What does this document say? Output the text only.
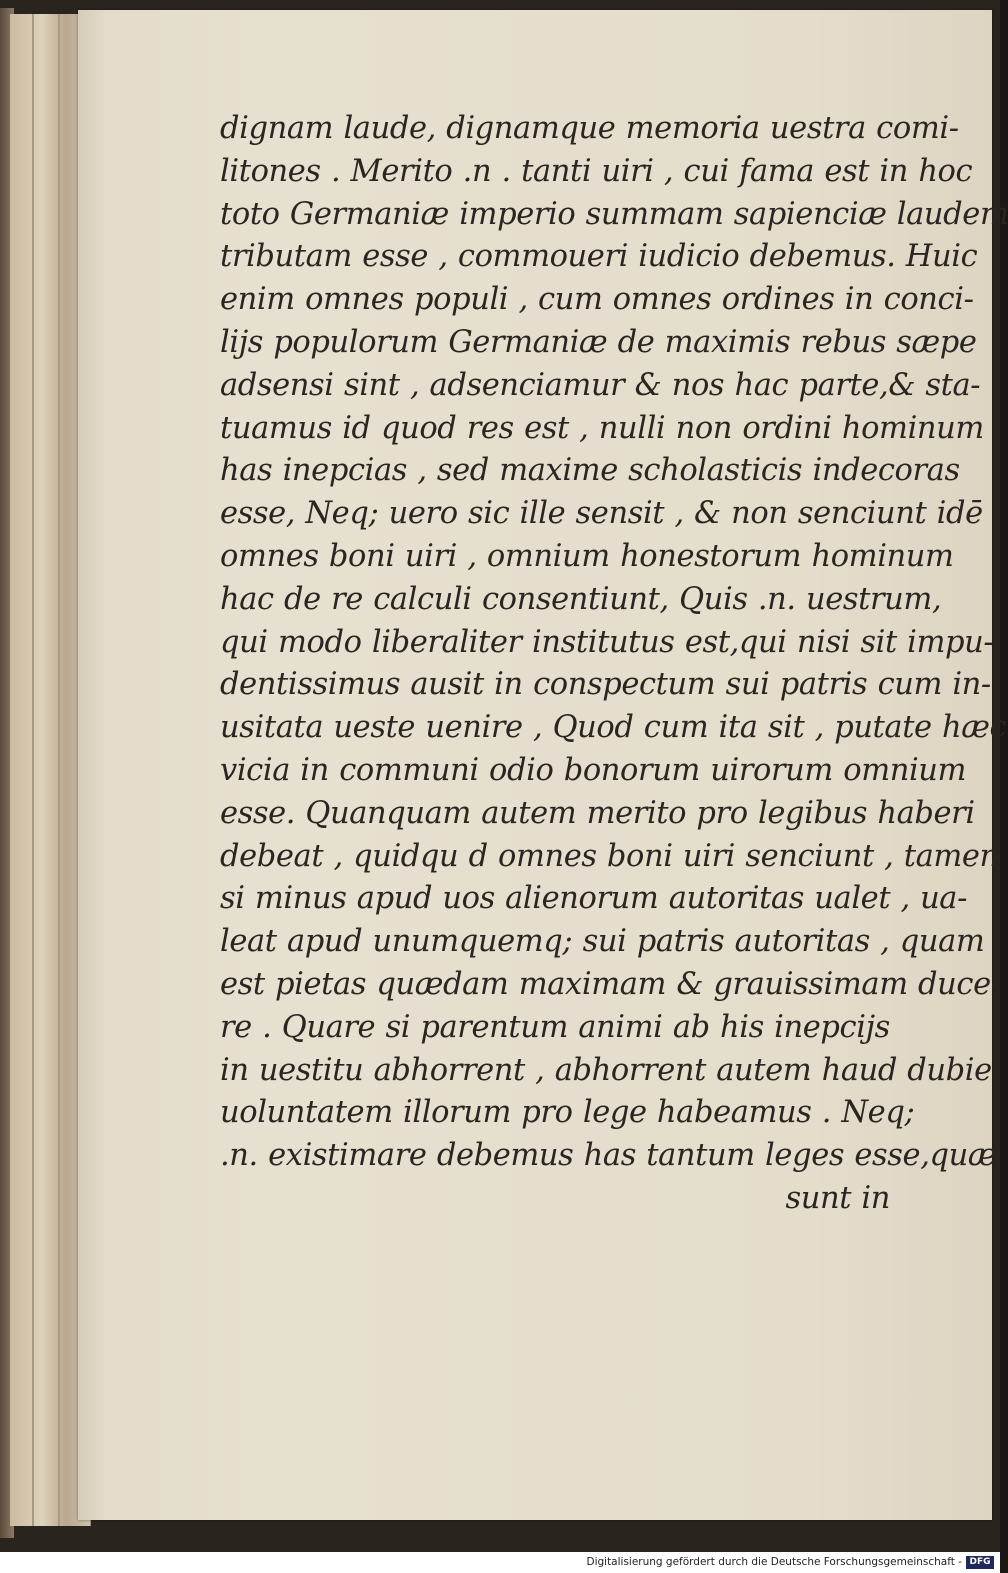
dignam laude, dignamque memoria uestra comi-
litones . Merito .n . tanti uiri , cui fama est in hoc
toto Germaniæ imperio summam sapienciæ laudem
tributam esse , commoueri iudicio debemus. Huic
enim omnes populi , cum omnes ordines in conci-
lijs populorum Germaniæ de maximis rebus sæpe
adsensi sint , adsenciamur & nos hac parte,& sta-
tuamus id quod res est , nulli non ordini hominum
has inepcias , sed maxime scholasticis indecoras
esse, Neq; uero sic ille sensit , & non senciunt idē
omnes boni uiri , omnium honestorum hominum
hac de re calculi consentiunt, Quis .n. uestrum,
qui modo liberaliter institutus est,qui nisi sit impu-
dentissimus ausit in conspectum sui patris cum in-
usitata ueste uenire , Quod cum ita sit , putate hæc
vicia in communi odio bonorum uirorum omnium
esse. Quanquam autem merito pro legibus haberi
debeat , quidqu d omnes boni uiri senciunt , tamen
si minus apud uos alienorum autoritas ualet , ua-
leat apud unumquemq; sui patris autoritas , quam
est pietas quædam maximam & grauissimam duce-
re . Quare si parentum animi ab his inepcijs
in uestitu abhorrent , abhorrent autem haud dubie,
uoluntatem illorum pro lege habeamus . Neq;
.n. existimare debemus has tantum leges esse,quæ
sunt in
Digitalisierung gefördert durch die Deutsche Forschungsgemeinschaft - DFG
